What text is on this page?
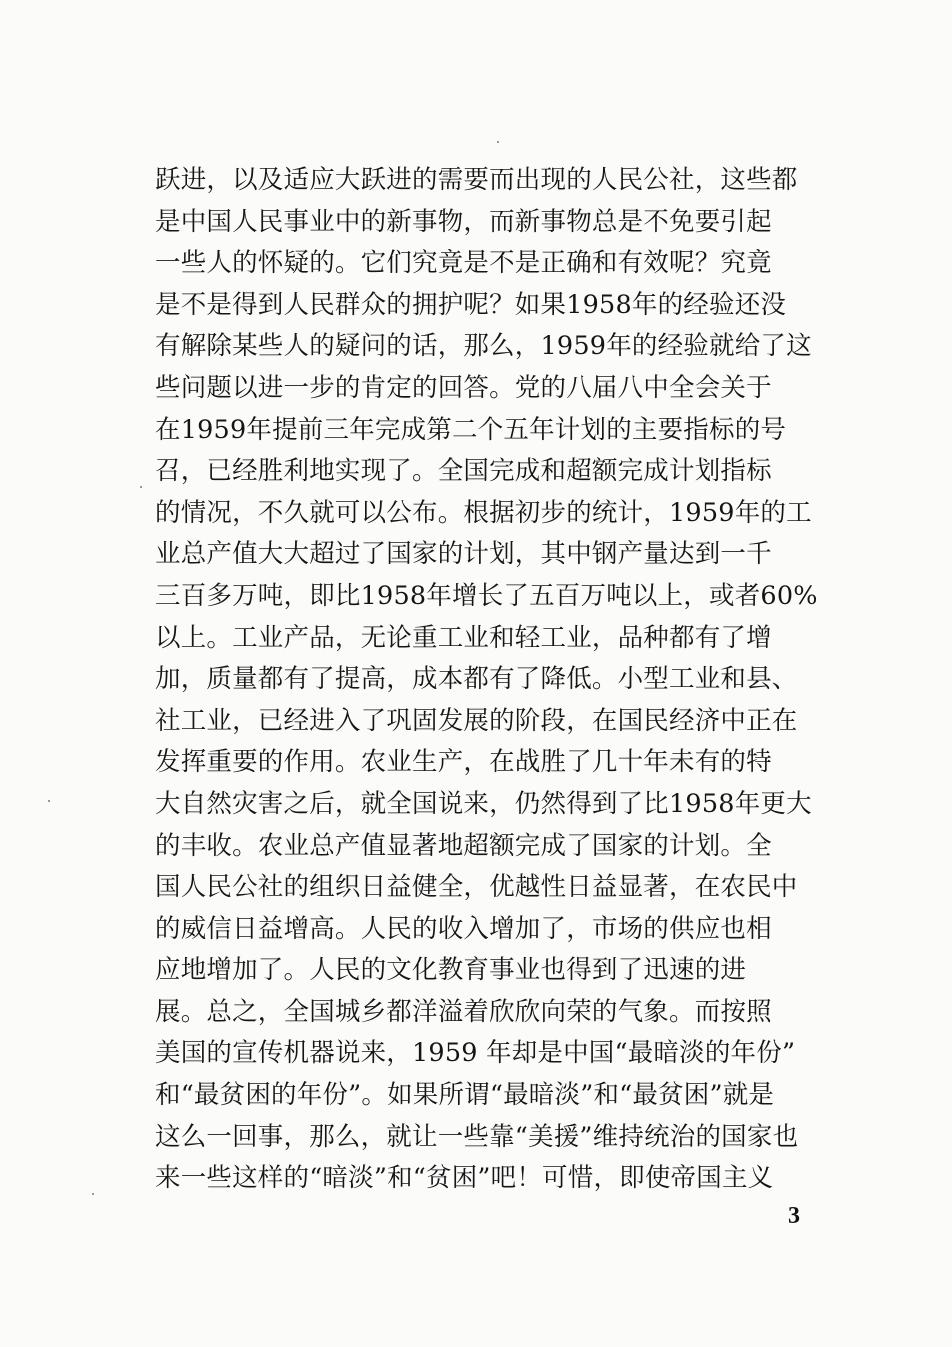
跃进，以及适应大跃进的需要而出现的人民公社，这些都
是中国人民事业中的新事物，而新事物总是不免要引起
一些人的怀疑的。它们究竟是不是正确和有效呢？究竟
是不是得到人民群众的拥护呢？如果1958年的经验还没
有解除某些人的疑问的话，那么，1959年的经验就给了这
些问题以进一步的肯定的回答。党的八届八中全会关于
在1959年提前三年完成第二个五年计划的主要指标的号
召，已经胜利地实现了。全国完成和超额完成计划指标
的情况，不久就可以公布。根据初步的统计，1959年的工
业总产值大大超过了国家的计划，其中钢产量达到一千
三百多万吨，即比1958年增长了五百万吨以上，或者60%
以上。工业产品，无论重工业和轻工业，品种都有了增
加，质量都有了提高，成本都有了降低。小型工业和县、
社工业，已经进入了巩固发展的阶段，在国民经济中正在
发挥重要的作用。农业生产，在战胜了几十年未有的特
大自然灾害之后，就全国说来，仍然得到了比1958年更大
的丰收。农业总产值显著地超额完成了国家的计划。全
国人民公社的组织日益健全，优越性日益显著，在农民中
的威信日益增高。人民的收入增加了，市场的供应也相
应地增加了。人民的文化教育事业也得到了迅速的进
展。总之，全国城乡都洋溢着欣欣向荣的气象。而按照
美国的宣传机器说来，1959 年却是中国“最暗淡的年份”
和“最贫困的年份”。如果所谓“最暗淡”和“最贫困”就是
这么一回事，那么，就让一些靠“美援”维持统治的国家也
来一些这样的“暗淡”和“贫困”吧！可惜，即使帝国主义
3
